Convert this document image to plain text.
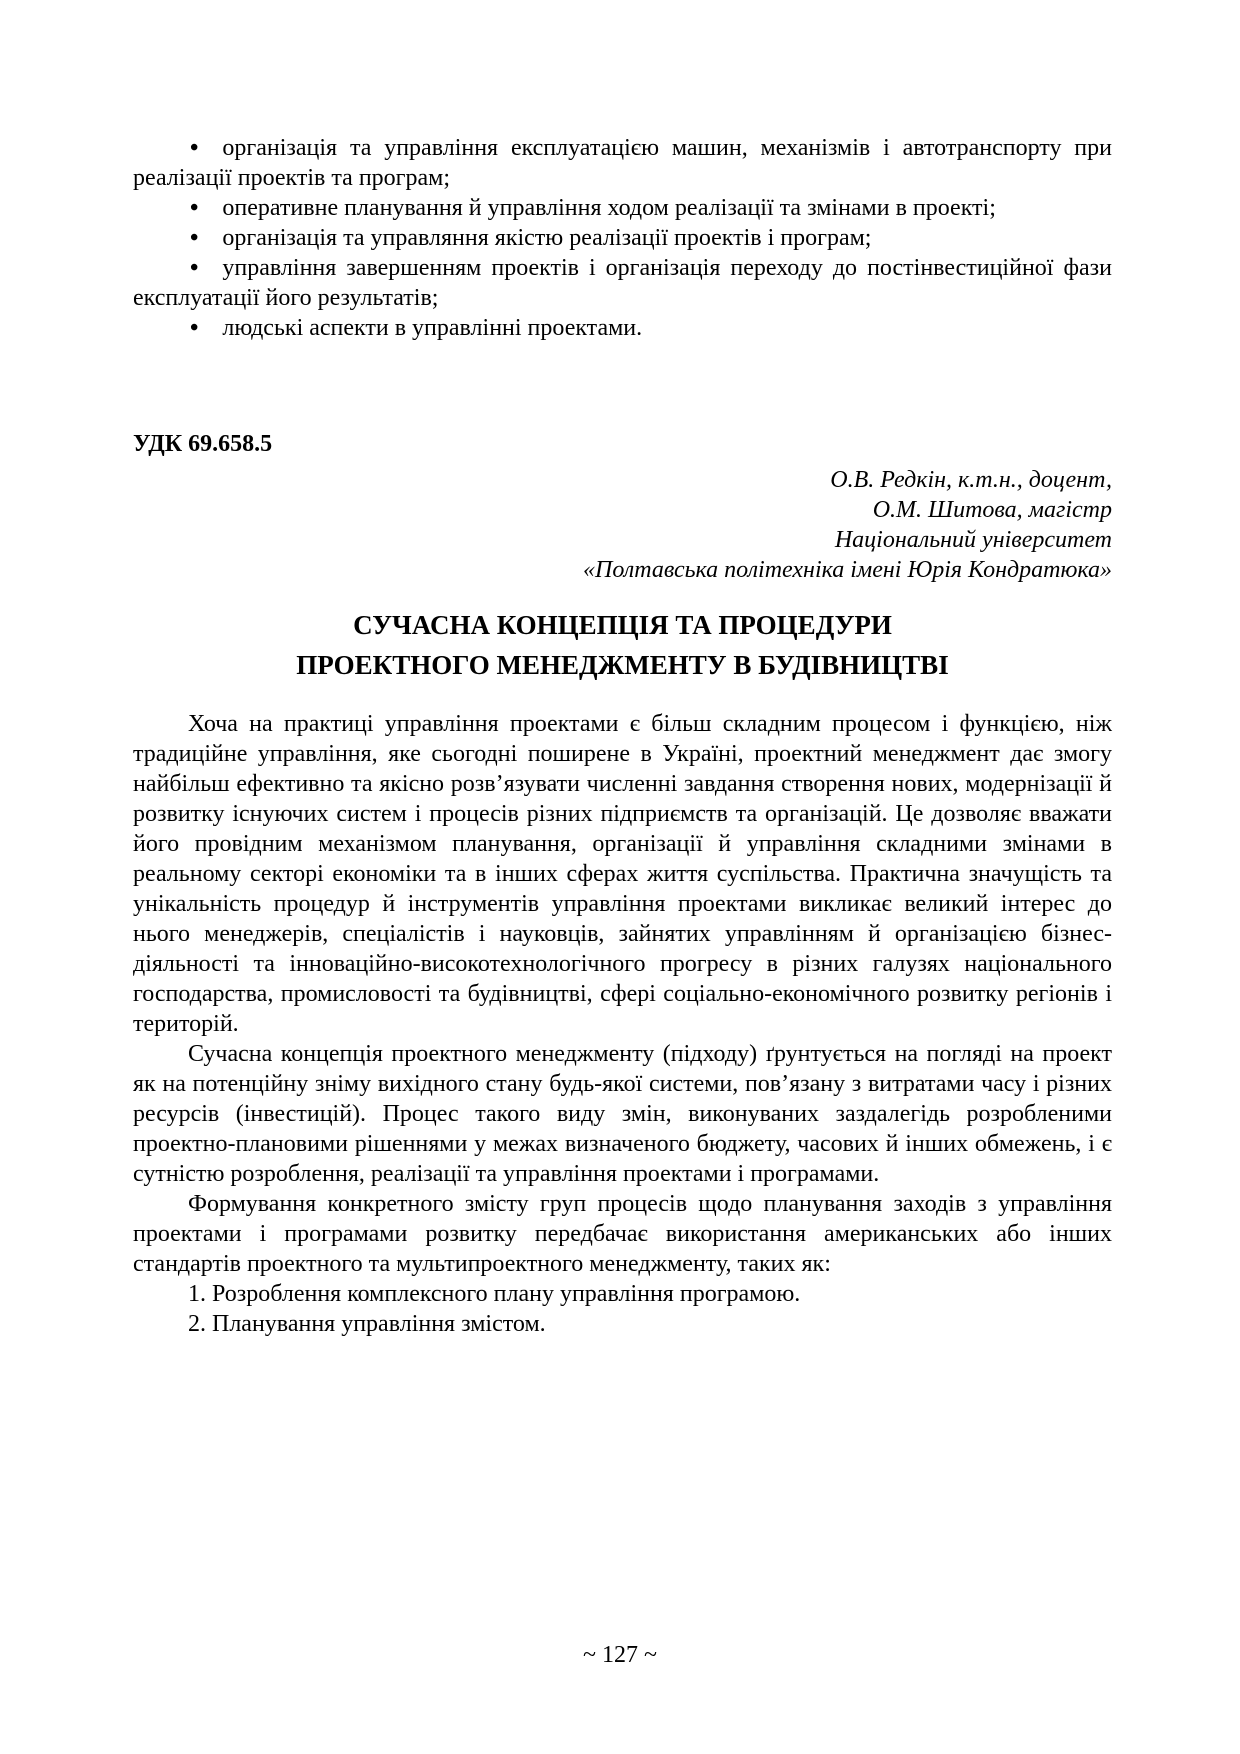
• організація та управління експлуатацією машин, механізмів і автотранспорту при реалізації проектів та програм;
• оперативне планування й управління ходом реалізації та змінами в проекті;
• організація та управляння якістю реалізації проектів і програм;
• управління завершенням проектів і організація переходу до постінвестиційної фази експлуатації його результатів;
• людські аспекти в управлінні проектами.

УДК 69.658.5

О.В. Редкін, к.т.н., доцент,

О.М. Шитова, магістр

Національний університет

«Полтавська політехніка імені Юрія Кондратюка»

СУЧАСНА КОНЦЕПЦІЯ ТА ПРОЦЕДУРИ
ПРОЕКТНОГО МЕНЕДЖМЕНТУ В БУДІВНИЦТВІ

Хоча на практиці управління проектами є більш складним процесом і функцією, ніж традиційне управління, яке сьогодні поширене в Україні, проектний менеджмент дає змогу найбільш ефективно та якісно розв’язувати численні завдання створення нових, модернізації й розвитку існуючих систем і процесів різних підприємств та організацій. Це дозволяє вважати його провідним механізмом планування, організації й управління складними змінами в реальному секторі економіки та в інших сферах життя суспільства. Практична значущість та унікальність процедур й інструментів управління проектами викликає великий інтерес до нього менеджерів, спеціалістів і науковців, зайнятих управлінням й організацією бізнес-діяльності та інноваційно-високотехнологічного прогресу в різних галузях національного господарства, промисловості та будівництві, сфері соціально-економічного розвитку регіонів і територій.

Сучасна концепція проектного менеджменту (підходу) ґрунтується на погляді на проект як на потенційну зніму вихідного стану будь-якої системи, пов’язану з витратами часу і різних ресурсів (інвестицій). Процес такого виду змін, виконуваних заздалегідь розробленими проектно-плановими рішеннями у межах визначеного бюджету, часових й інших обмежень, і є сутністю розроблення, реалізації та управління проектами і програмами.

Формування конкретного змісту груп процесів щодо планування заходів з управління проектами і програмами розвитку передбачає використання американських або інших стандартів проектного та мультипроектного менеджменту, таких як:

1. Розроблення комплексного плану управління програмою.

2. Планування управління змістом.

~ 127 ~
